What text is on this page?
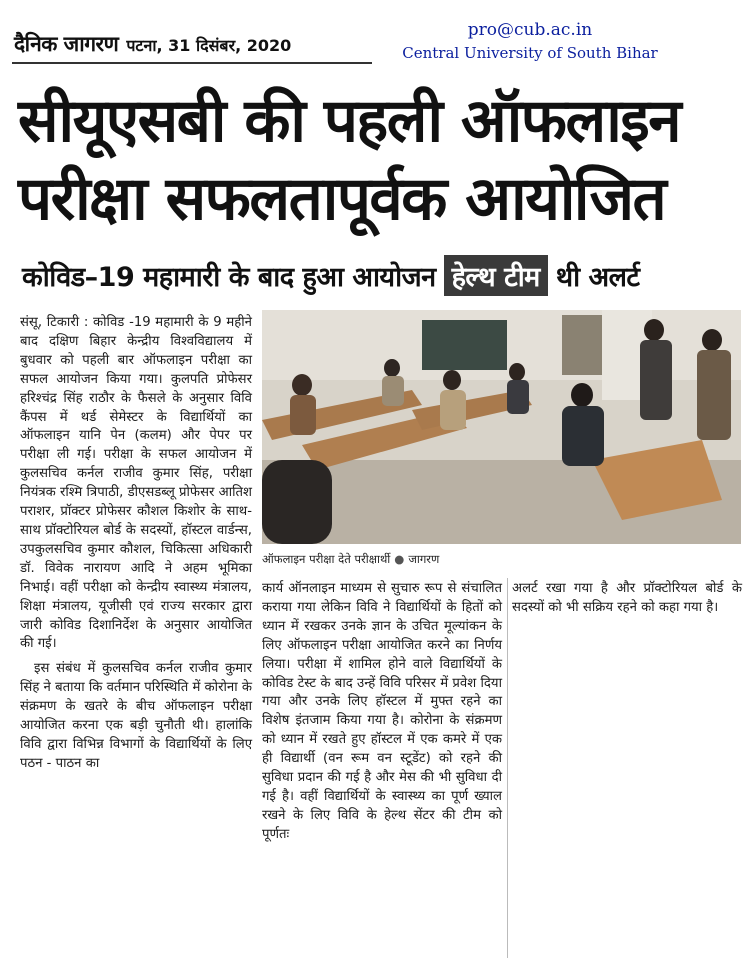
दैनिक जागरण पटना, 31 दिसंबर, 2020
pro@cub.ac.in
Central University of South Bihar
सीयूएसबी की पहली ऑफलाइन
परीक्षा सफलतापूर्वक आयोजित
कोविड–19 महामारी के बाद हुआ आयोजन हेल्थ टीम थी अलर्ट

संसू, टिकारी : कोविड -19 महामारी के 9 महीने बाद दक्षिण बिहार केन्द्रीय विश्वविद्यालय में बुधवार को पहली बार ऑफलाइन परीक्षा का सफल आयोजन किया गया। कुलपति प्रोफेसर हरिश्चंद्र सिंह राठौर के फैसले के अनुसार विवि कैंपस में थर्ड सेमेस्टर के विद्यार्थियों का ऑफलाइन यानि पेन (कलम) और पेपर पर परीक्षा ली गई। परीक्षा के सफल आयोजन में कुलसचिव कर्नल राजीव कुमार सिंह, परीक्षा नियंत्रक रश्मि त्रिपाठी, डीएसडब्लू प्रोफेसर आतिश पराशर, प्रॉक्टर प्रोफेसर कौशल किशोर के साथ-साथ प्रॉक्टोरियल बोर्ड के सदस्यों, हॉस्टल वार्डन्स, उपकुलसचिव कुमार कौशल, चिकित्सा अधिकारी डॉ. विवेक नारायण आदि ने अहम भूमिका निभाई। वहीं परीक्षा को केन्द्रीय स्वास्थ्य मंत्रालय, शिक्षा मंत्रालय, यूजीसी एवं राज्य सरकार द्वारा जारी कोविड दिशानिर्देश के अनुसार आयोजित की गई।

इस संबंध में कुलसचिव कर्नल राजीव कुमार सिंह ने बताया कि वर्तमान परिस्थिति में कोरोना के संक्रमण के खतरे के बीच ऑफलाइन परीक्षा आयोजित करना एक बड़ी चुनौती थी। हालांकि विवि द्वारा विभिन्न विभागों के विद्यार्थियों के लिए पठन - पाठन का

ऑफलाइन परीक्षा देते परीक्षार्थी ● जागरण

कार्य ऑनलाइन माध्यम से सुचारु रूप से संचालित कराया गया लेकिन विवि ने विद्यार्थियों के हितों को ध्यान में रखकर उनके ज्ञान के उचित मूल्यांकन के लिए ऑफलाइन परीक्षा आयोजित करने का निर्णय लिया। परीक्षा में शामिल होने वाले विद्यार्थियों के कोविड टेस्ट के बाद उन्हें विवि परिसर में प्रवेश दिया गया और उनके लिए हॉस्टल में मुफ्त रहने का विशेष इंतजाम किया गया है। कोरोना के संक्रमण को ध्यान में रखते हुए हॉस्टल में एक कमरे में एक ही विद्यार्थी (वन रूम वन स्टूडेंट) को रहने की सुविधा प्रदान की गई है और मेस की भी सुविधा दी गई है। वहीं विद्यार्थियों के स्वास्थ्य का पूर्ण ख्याल रखने के लिए विवि के हेल्थ सेंटर की टीम को पूर्णतः

अलर्ट रखा गया है और प्रॉक्टोरियल बोर्ड के सदस्यों को भी सक्रिय रहने को कहा गया है।
